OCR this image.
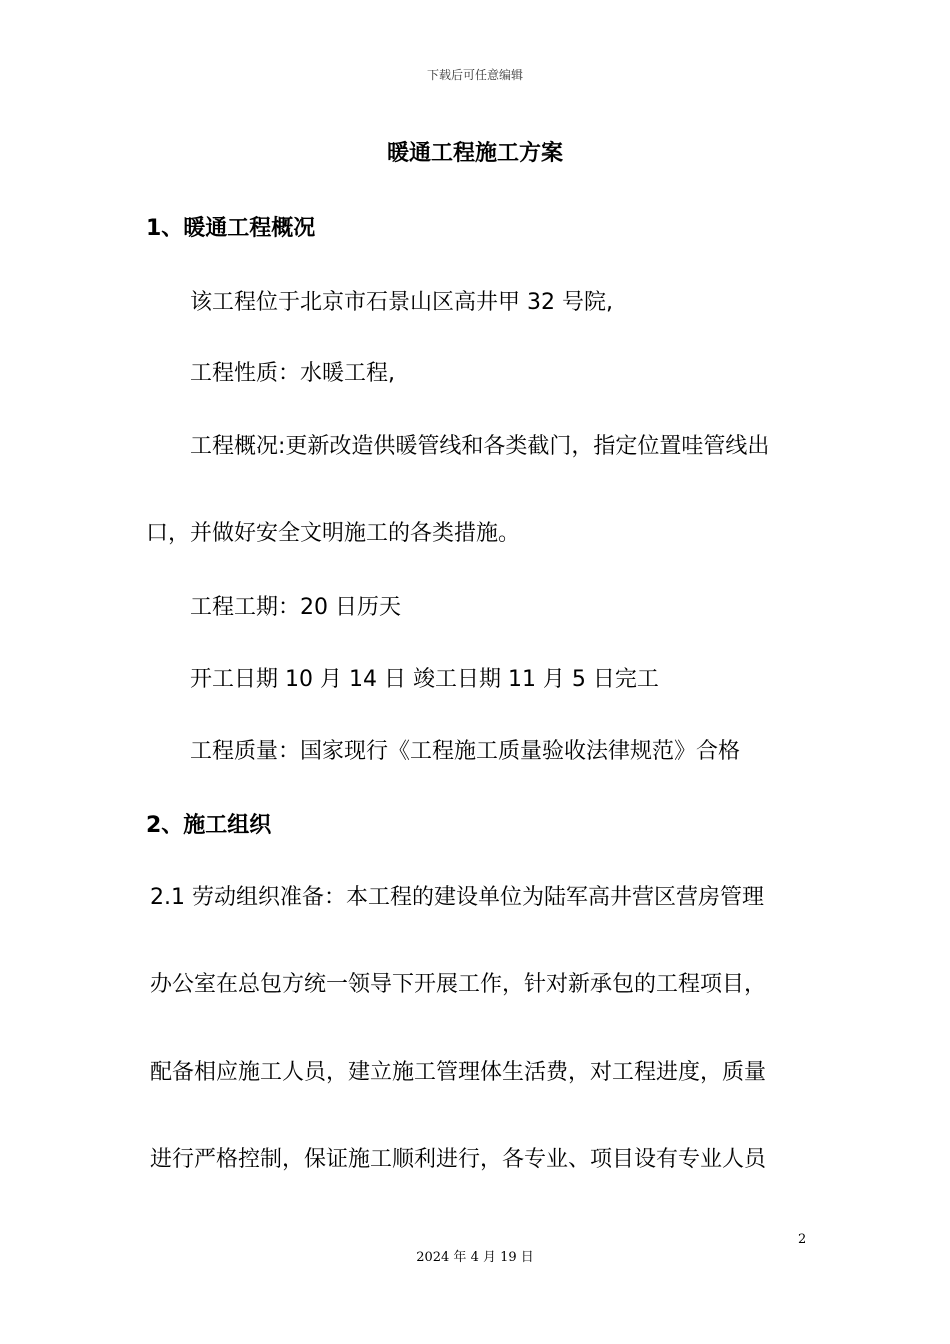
下载后可任意编辑
暖通工程施工方案
1、暖通工程概况
该工程位于北京市石景山区高井甲 32 号院,
工程性质：水暖工程,
工程概况:更新改造供暖管线和各类截门，指定位置哇管线出
口，并做好安全文明施工的各类措施。
工程工期：20 日历天
开工日期 10 月 14 日 竣工日期 11 月 5 日完工
工程质量：国家现行《工程施工质量验收法律规范》合格
2、施工组织
2.1 劳动组织准备：本工程的建设单位为陆军高井营区营房管理
办公室在总包方统一领导下开展工作，针对新承包的工程项目，
配备相应施工人员，建立施工管理体生活费，对工程进度，质量
进行严格控制，保证施工顺利进行，各专业、项目设有专业人员
2
2024 年 4 月 19 日
